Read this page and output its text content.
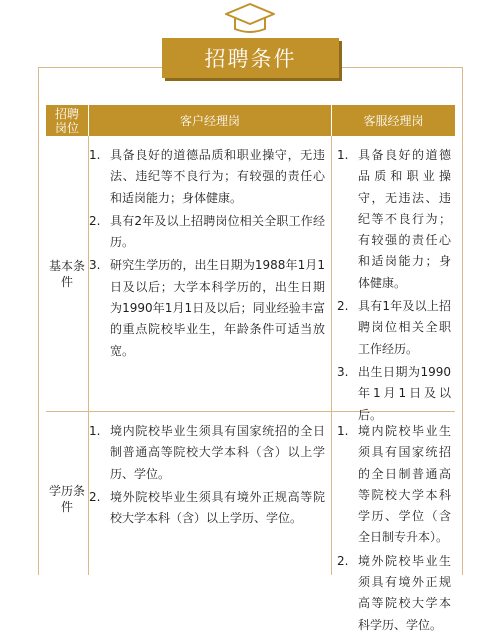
招聘条件
招聘岗位	客户经理岗	客服经理岗
基本条件
1. 具备良好的道德品质和职业操守，无违法、违纪等不良行为；有较强的责任心和适岗能力；身体健康。
2. 具有2年及以上招聘岗位相关全职工作经历。
3. 研究生学历的，出生日期为1988年1月1日及以后；大学本科学历的，出生日期为1990年1月1日及以后；同业经验丰富的重点院校毕业生，年龄条件可适当放宽。
1. 具备良好的道德品质和职业操守，无违法、违纪等不良行为；有较强的责任心和适岗能力；身体健康。
2. 具有1年及以上招聘岗位相关全职工作经历。
3. 出生日期为1990年1月1日及以后。
学历条件
1. 境内院校毕业生须具有国家统招的全日制普通高等院校大学本科（含）以上学历、学位。
2. 境外院校毕业生须具有境外正规高等院校大学本科（含）以上学历、学位。
1. 境内院校毕业生须具有国家统招的全日制普通高等院校大学本科学历、学位（含全日制专升本）。
2. 境外院校毕业生须具有境外正规高等院校大学本科学历、学位。
